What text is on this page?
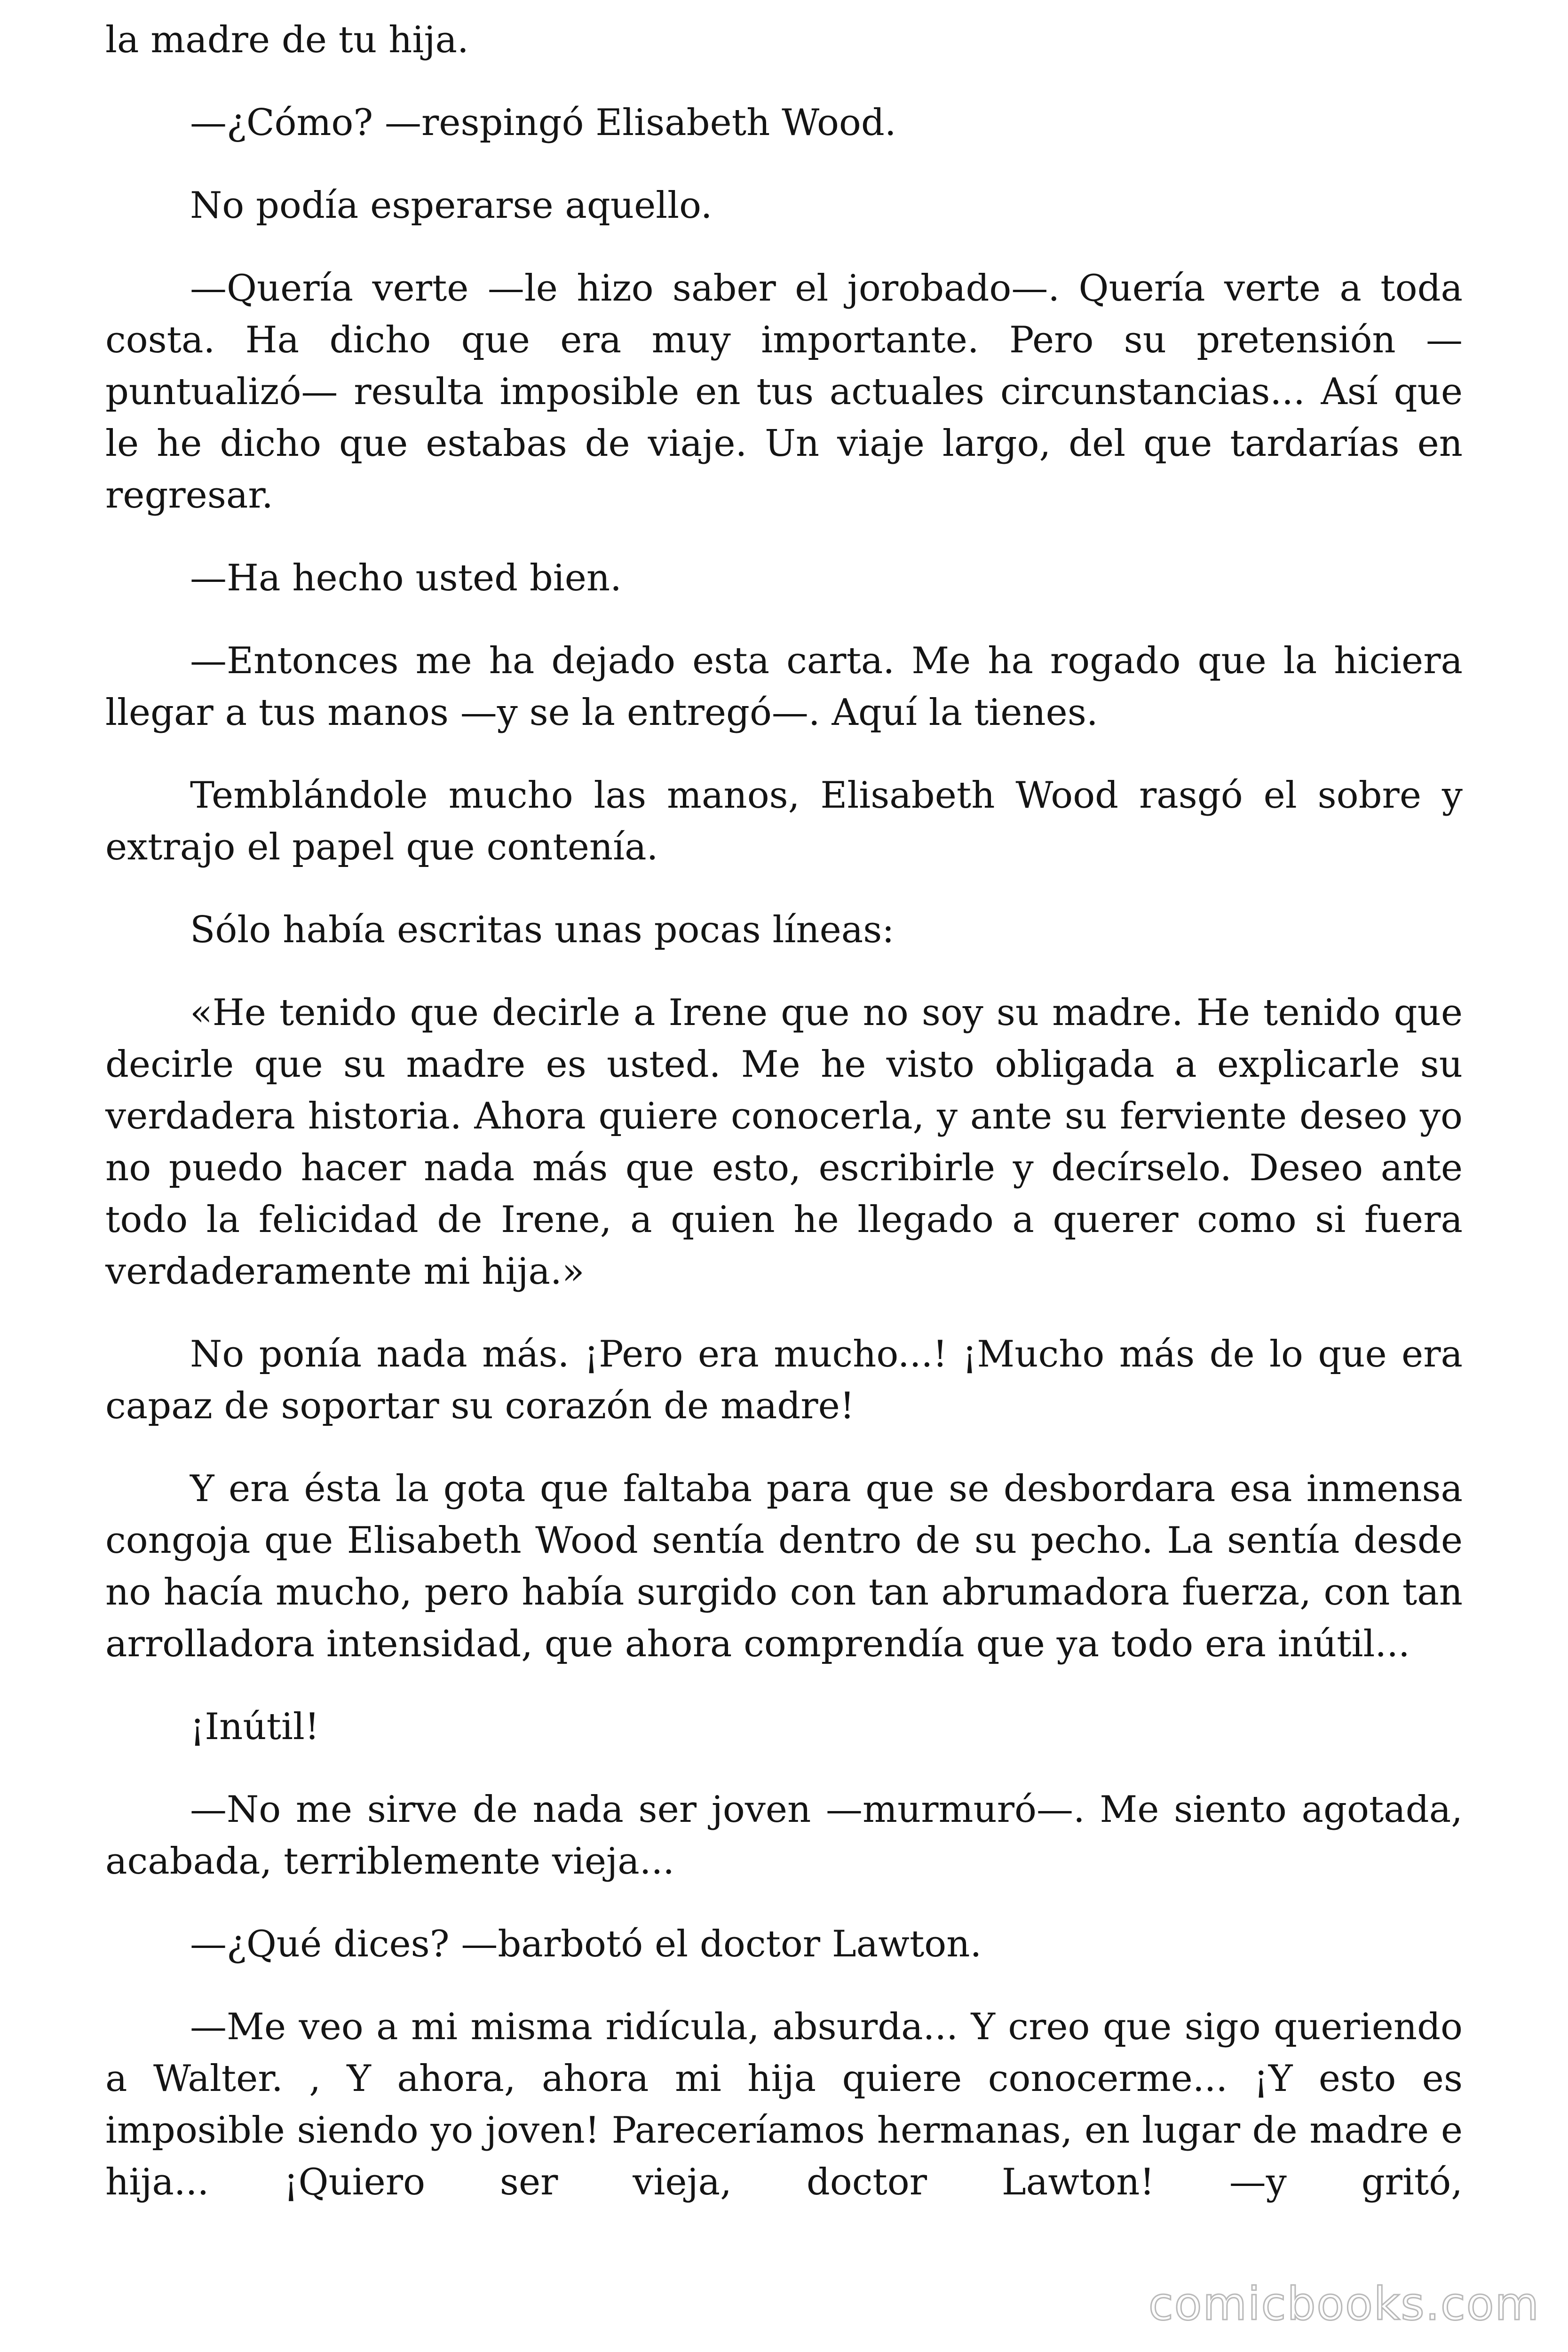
la madre de tu hija.

—¿Cómo? —respingó Elisabeth Wood.

No podía esperarse aquello.

—Quería verte —le hizo saber el jorobado—. Quería verte a toda costa. Ha dicho que era muy importante. Pero su pretensión —puntualizó— resulta imposible en tus actuales circunstancias... Así que le he dicho que estabas de viaje. Un viaje largo, del que tardarías en regresar.

—Ha hecho usted bien.

—Entonces me ha dejado esta carta. Me ha rogado que la hiciera llegar a tus manos —y se la entregó—. Aquí la tienes.

Temblándole mucho las manos, Elisabeth Wood rasgó el sobre y extrajo el papel que contenía.

Sólo había escritas unas pocas líneas:

«He tenido que decirle a Irene que no soy su madre. He tenido que decirle que su madre es usted. Me he visto obligada a explicarle su verdadera historia. Ahora quiere conocerla, y ante su ferviente deseo yo no puedo hacer nada más que esto, escribirle y decírselo. Deseo ante todo la felicidad de Irene, a quien he llegado a querer como si fuera verdaderamente mi hija.»

No ponía nada más. ¡Pero era mucho...! ¡Mucho más de lo que era capaz de soportar su corazón de madre!

Y era ésta la gota que faltaba para que se desbordara esa inmensa congoja que Elisabeth Wood sentía dentro de su pecho. La sentía desde no hacía mucho, pero había surgido con tan abrumadora fuerza, con tan arrolladora intensidad, que ahora comprendía que ya todo era inútil...

¡Inútil!

—No me sirve de nada ser joven —murmuró—. Me siento agotada, acabada, terriblemente vieja...

—¿Qué dices? —barbotó el doctor Lawton.

—Me veo a mi misma ridícula, absurda... Y creo que sigo queriendo a Walter. , Y ahora, ahora mi hija quiere conocerme... ¡Y esto es imposible siendo yo joven! Pareceríamos hermanas, en lugar de madre e hija... ¡Quiero ser vieja, doctor Lawton! —y gritó,

comicbooks.com
